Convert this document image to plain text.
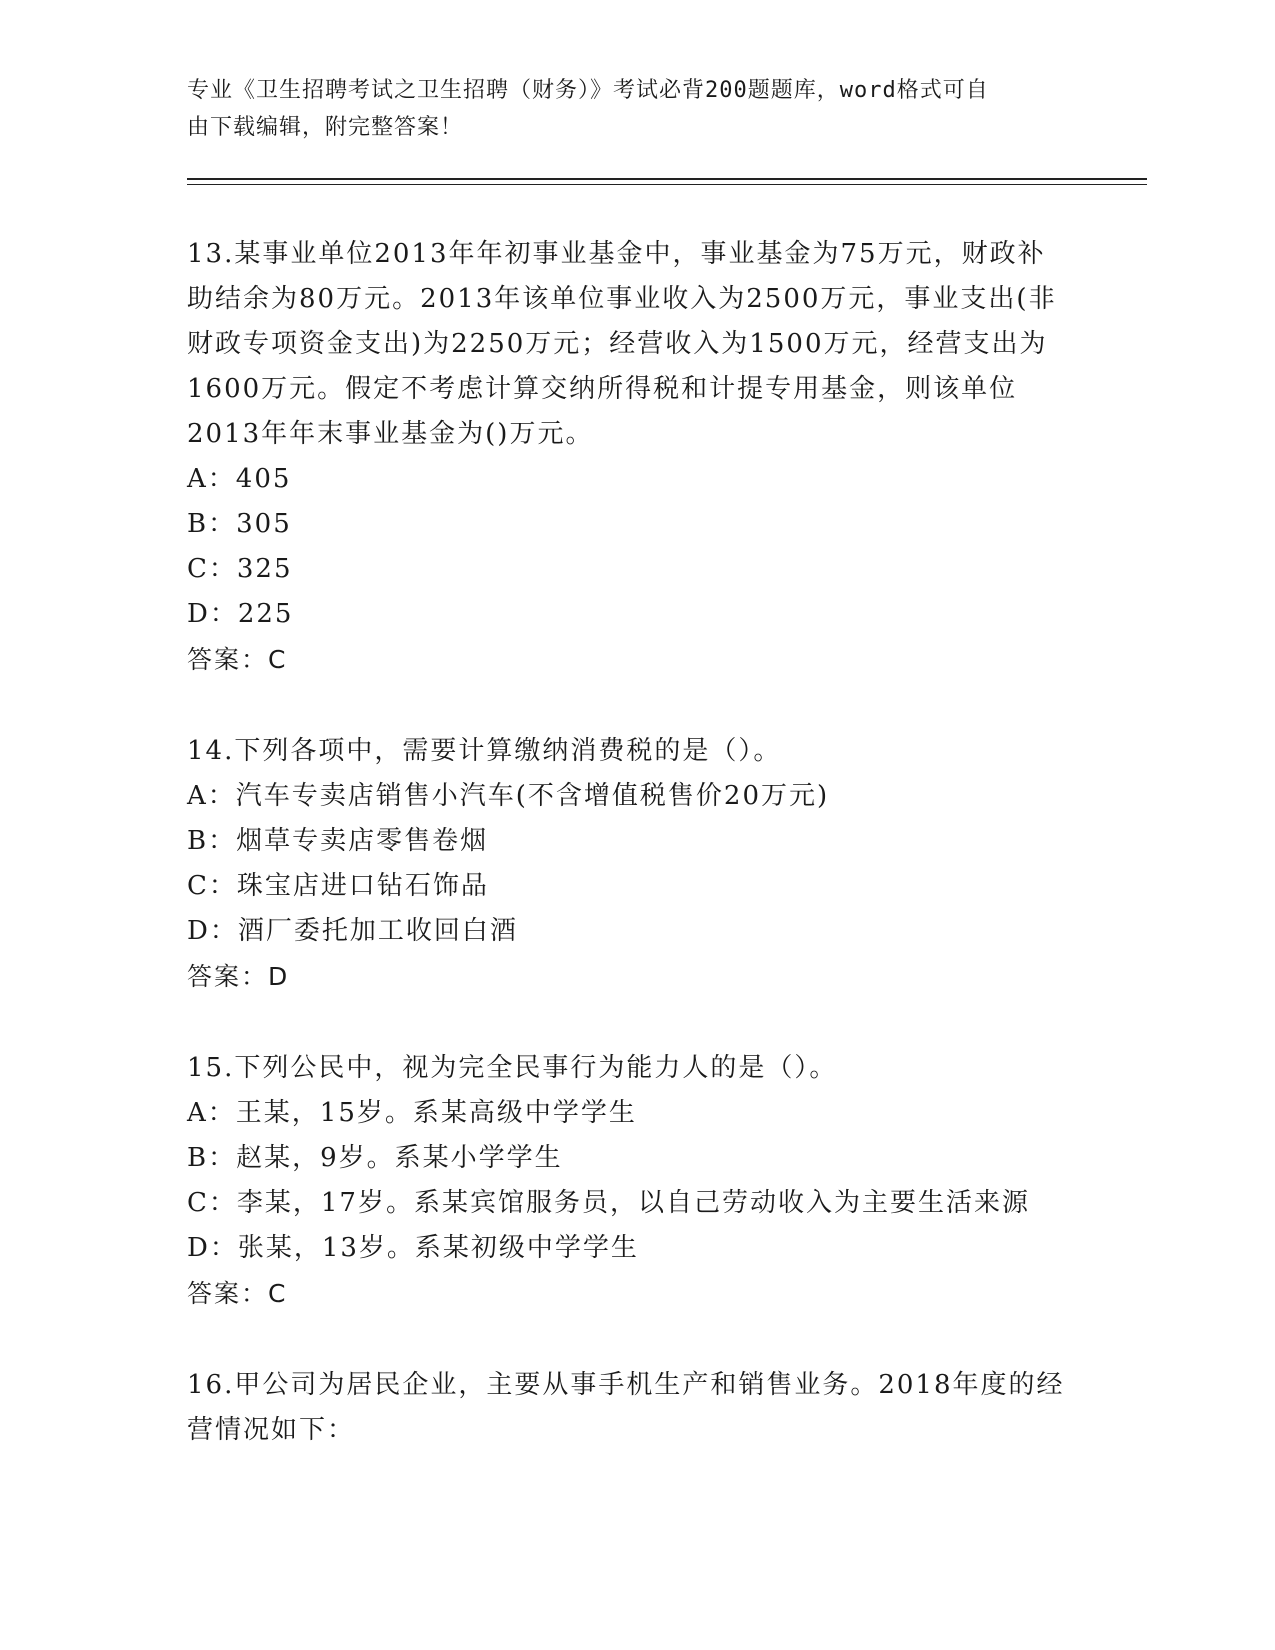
专业《卫生招聘考试之卫生招聘（财务）》考试必背200题题库，word格式可自
由下载编辑，附完整答案！

13.某事业单位2013年年初事业基金中，事业基金为75万元，财政补

助结余为80万元。2013年该单位事业收入为2500万元，事业支出(非

财政专项资金支出)为2250万元；经营收入为1500万元，经营支出为

1600万元。假定不考虑计算交纳所得税和计提专用基金，则该单位

2013年年末事业基金为()万元。

A：405

B：305

C：325

D：225

答案：C

14.下列各项中，需要计算缴纳消费税的是（）。

A：汽车专卖店销售小汽车(不含增值税售价20万元)

B：烟草专卖店零售卷烟

C：珠宝店进口钻石饰品

D：酒厂委托加工收回白酒

答案：D

15.下列公民中，视为完全民事行为能力人的是（）。

A：王某，15岁。系某高级中学学生

B：赵某，9岁。系某小学学生

C：李某，17岁。系某宾馆服务员，以自己劳动收入为主要生活来源

D：张某，13岁。系某初级中学学生

答案：C

16.甲公司为居民企业，主要从事手机生产和销售业务。2018年度的经

营情况如下：
